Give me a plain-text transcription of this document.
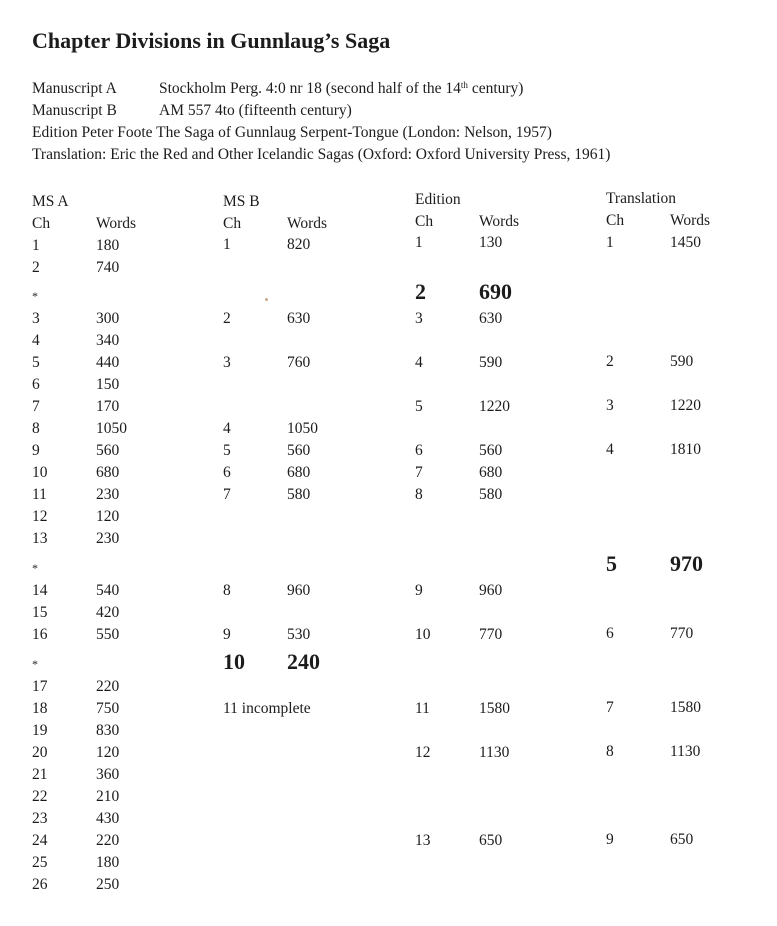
Chapter Divisions in Gunnlaug’s Saga
Manuscript A	Stockholm Perg. 4:0 nr 18 (second half of the 14th century)
Manuscript B	AM 557 4to (fifteenth century)
Edition Peter Foote The Saga of Gunnlaug Serpent-Tongue (London: Nelson, 1957)
Translation: Eric the Red and Other Icelandic Sagas (Oxford: Oxford University Press, 1961)
MS A
Ch	Words
MS B
Ch	Words
Edition
Ch	Words
Translation
Ch	Words
1	180
2	740
*
3	300
4	340
5	440
6	150
7	170
8	1050
9	560
10	680
11	230
12	120
13	230
*
14	540
15	420
16	550
*
17	220
18	750
19	830
20	120
21	360
22	210
23	430
24	220
25	180
26	250
1	820
2	630
3	760
4	1050
5	560
6	680
7	580
8	960
9	530
10 240
11 incomplete
1	130
2 690
3	630
4	590
5	1220
6	560
7	680
8	580
9	960
10	770
11	1580
12	1130
13	650
1	1450
2	590
3	1220
4	1810
5 970
6	770
7	1580
8	1130
9	650
